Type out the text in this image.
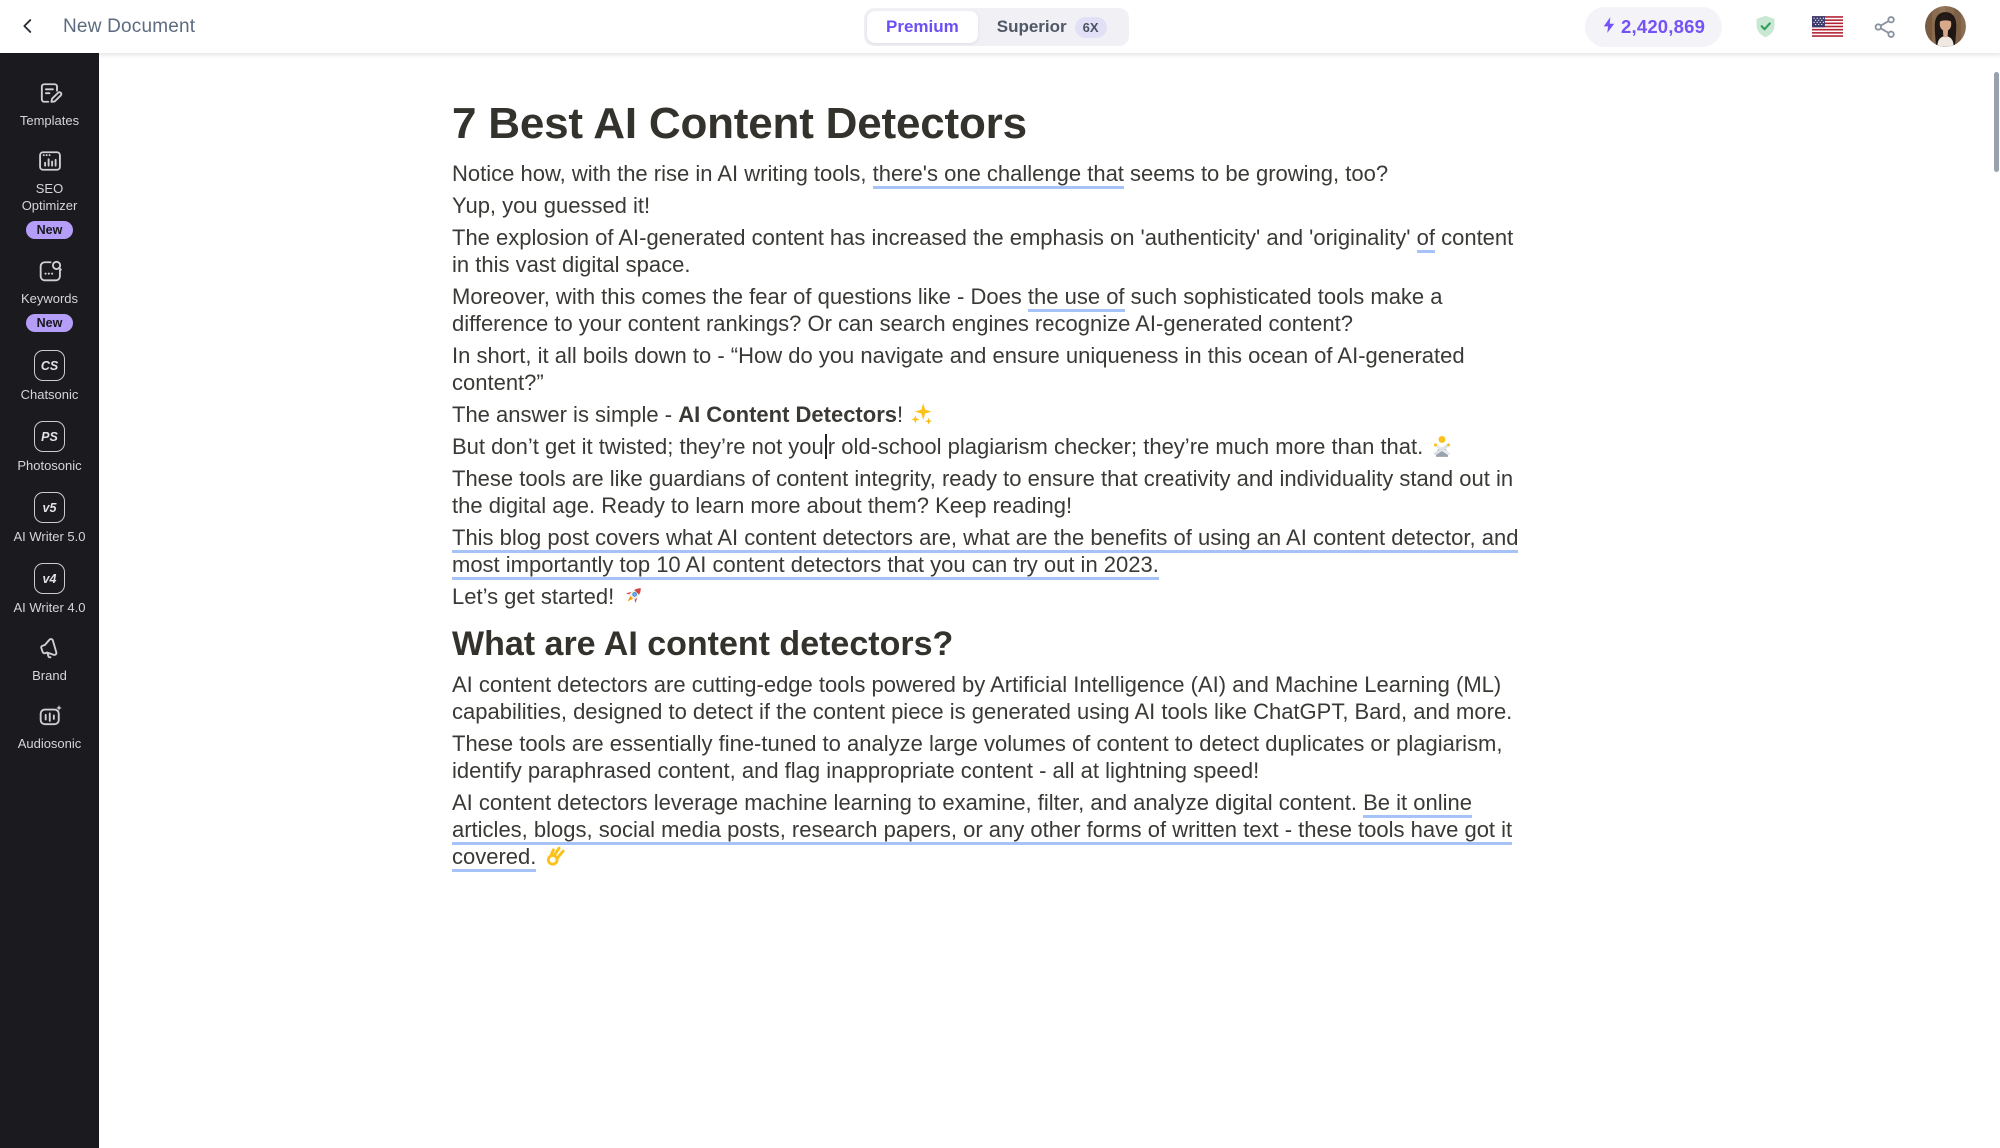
New Document	Premium Superior	6X	2,420,869
Templates
SEO Optimizer
New
Keywords
New
CS
Chatsonic
PS
Photosonic
v5
AI Writer 5.0
v4
AI Writer 4.0
Brand
Audiosonic
7 Best AI Content Detectors

Notice how, with the rise in AI writing tools, there's one challenge that seems to be growing, too?

Yup, you guessed it!

The explosion of AI-generated content has increased the emphasis on 'authenticity' and 'originality' of content in this vast digital space.

Moreover, with this comes the fear of questions like - Does the use of such sophisticated tools make a difference to your content rankings? Or can search engines recognize AI-generated content?

In short, it all boils down to - “How do you navigate and ensure uniqueness in this ocean of AI-generated content?”

The answer is simple - AI Content Detectors!

But don’t get it twisted; they’re not you r old-school plagiarism checker; they’re much more than that.

These tools are like guardians of content integrity, ready to ensure that creativity and individuality stand out in the digital age. Ready to learn more about them? Keep reading!

This blog post covers what AI content detectors are, what are the benefits of using an AI content detector, and most importantly top 10 AI content detectors that you can try out in 2023.

Let’s get started!

What are AI content detectors?

AI content detectors are cutting-edge tools powered by Artificial Intelligence (AI) and Machine Learning (ML) capabilities, designed to detect if the content piece is generated using AI tools like ChatGPT, Bard, and more.

These tools are essentially fine-tuned to analyze large volumes of content to detect duplicates or plagiarism, identify paraphrased content, and flag inappropriate content - all at lightning speed!

AI content detectors leverage machine learning to examine, filter, and analyze digital content. Be it online articles, blogs, social media posts, research papers, or any other forms of written text - these tools have got it covered.
